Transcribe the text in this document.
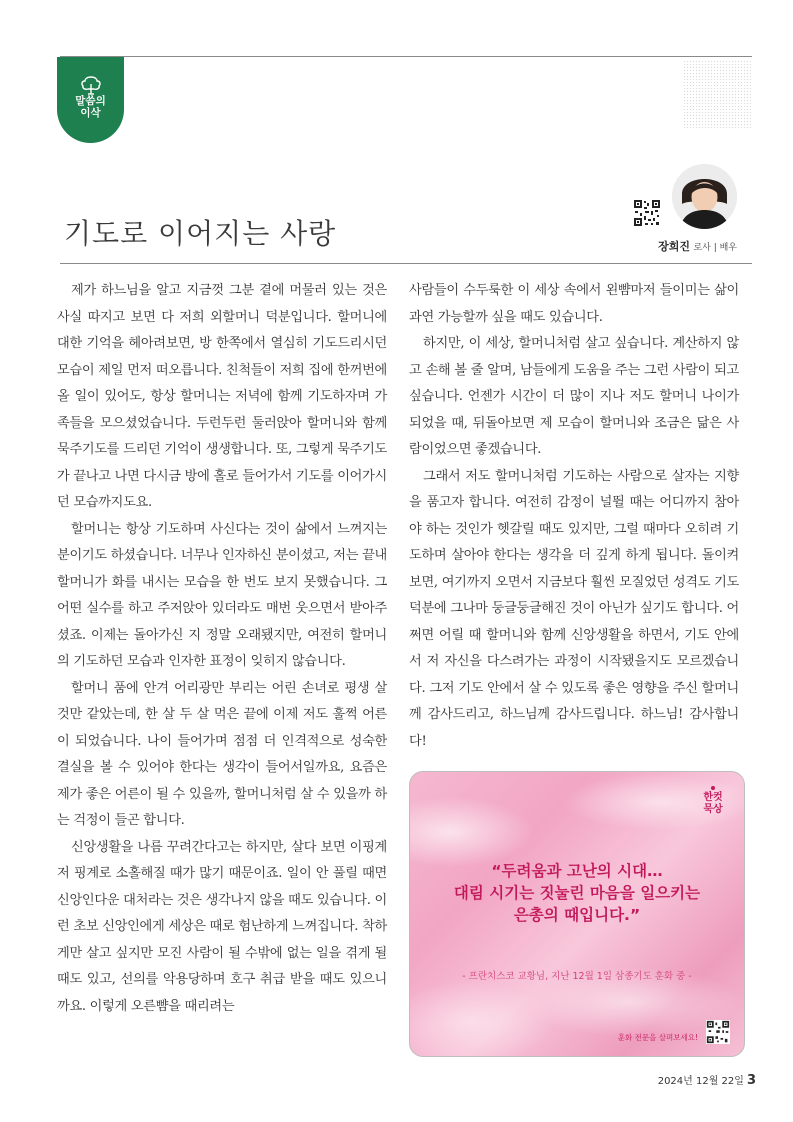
말씀의
이삭
기도로 이어지는 사랑	장희진 로사 | 배우

제가 하느님을 알고 지금껏 그분 곁에 머물러 있는 것은 사실 따지고 보면 다 저희 외할머니 덕분입니다. 할머니에 대한 기억을 헤아려보면, 방 한쪽에서 열심히 기도드리시던 모습이 제일 먼저 떠오릅니다. 친척들이 저희 집에 한꺼번에 올 일이 있어도, 항상 할머니는 저녁에 함께 기도하자며 가족들을 모으셨었습니다. 두런두런 둘러앉아 할머니와 함께 묵주기도를 드리던 기억이 생생합니다. 또, 그렇게 묵주기도가 끝나고 나면 다시금 방에 홀로 들어가서 기도를 이어가시던 모습까지도요.

할머니는 항상 기도하며 사신다는 것이 삶에서 느껴지는 분이기도 하셨습니다. 너무나 인자하신 분이셨고, 저는 끝내 할머니가 화를 내시는 모습을 한 번도 보지 못했습니다. 그 어떤 실수를 하고 주저앉아 있더라도 매번 웃으면서 받아주셨죠. 이제는 돌아가신 지 정말 오래됐지만, 여전히 할머니의 기도하던 모습과 인자한 표정이 잊히지 않습니다.

할머니 품에 안겨 어리광만 부리는 어린 손녀로 평생 살 것만 같았는데, 한 살 두 살 먹은 끝에 이제 저도 훌쩍 어른이 되었습니다. 나이 들어가며 점점 더 인격적으로 성숙한 결실을 볼 수 있어야 한다는 생각이 들어서일까요, 요즘은 제가 좋은 어른이 될 수 있을까, 할머니처럼 살 수 있을까 하는 걱정이 들곤 합니다.

신앙생활을 나름 꾸려간다고는 하지만, 살다 보면 이핑계 저 핑계로 소홀해질 때가 많기 때문이죠. 일이 안 풀릴 때면 신앙인다운 대처라는 것은 생각나지 않을 때도 있습니다. 이런 초보 신앙인에게 세상은 때로 험난하게 느껴집니다. 착하게만 살고 싶지만 모진 사람이 될 수밖에 없는 일을 겪게 될 때도 있고, 선의를 악용당하며 호구 취급 받을 때도 있으니까요. 이렇게 오른뺨을 때리려는

사람들이 수두룩한 이 세상 속에서 왼뺨마저 들이미는 삶이 과연 가능할까 싶을 때도 있습니다.

하지만, 이 세상, 할머니처럼 살고 싶습니다. 계산하지 않고 손해 볼 줄 알며, 남들에게 도움을 주는 그런 사람이 되고 싶습니다. 언젠가 시간이 더 많이 지나 저도 할머니 나이가 되었을 때, 뒤돌아보면 제 모습이 할머니와 조금은 닮은 사람이었으면 좋겠습니다.

그래서 저도 할머니처럼 기도하는 사람으로 살자는 지향을 품고자 합니다. 여전히 감정이 널뛸 때는 어디까지 참아야 하는 것인가 헷갈릴 때도 있지만, 그럴 때마다 오히려 기도하며 살아야 한다는 생각을 더 깊게 하게 됩니다. 돌이켜보면, 여기까지 오면서 지금보다 훨씬 모질었던 성격도 기도 덕분에 그나마 둥글둥글해진 것이 아닌가 싶기도 합니다. 어쩌면 어릴 때 할머니와 함께 신앙생활을 하면서, 기도 안에서 저 자신을 다스려가는 과정이 시작됐을지도 모르겠습니다. 그저 기도 안에서 살 수 있도록 좋은 영향을 주신 할머니께 감사드리고, 하느님께 감사드립니다. 하느님! 감사합니다!

한컷
묵상
“두려움과 고난의 시대…
대림 시기는 짓눌린 마음을 일으키는
은총의 때입니다.”
- 프란치스코 교황님, 지난 12월 1일 삼종기도 훈화 중 -
훈화 전문을 살펴보세요!
2024년 12월 22일 3
